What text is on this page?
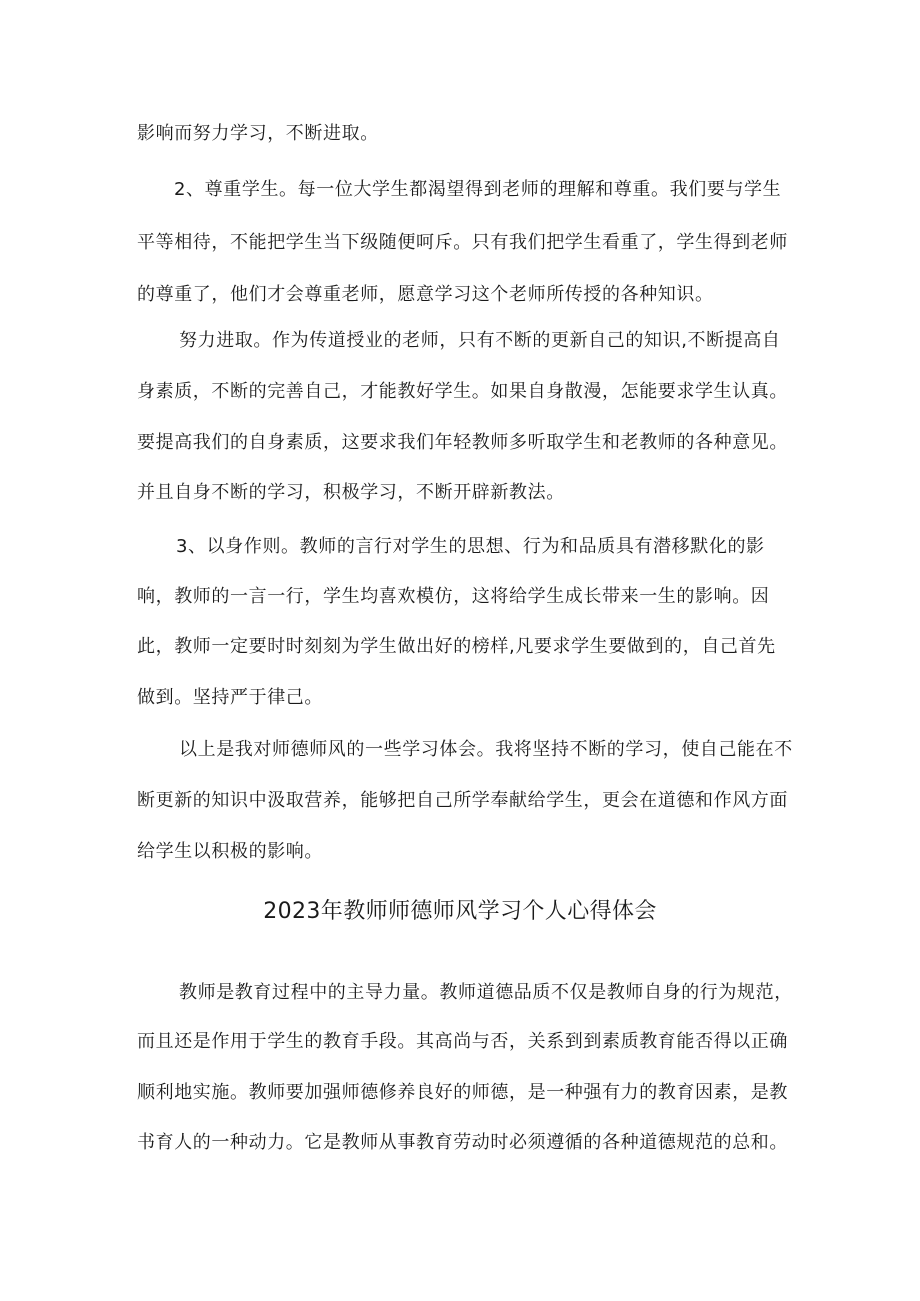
影响而努力学习，不断进取。
2、尊重学生。每一位大学生都渴望得到老师的理解和尊重。我们要与学生
平等相待，不能把学生当下级随便呵斥。只有我们把学生看重了，学生得到老师
的尊重了，他们才会尊重老师，愿意学习这个老师所传授的各种知识。
努力进取。作为传道授业的老师，只有不断的更新自己的知识,不断提高自
身素质，不断的完善自己，才能教好学生。如果自身散漫，怎能要求学生认真。
要提高我们的自身素质，这要求我们年轻教师多听取学生和老教师的各种意见。
并且自身不断的学习，积极学习，不断开辟新教法。
3、以身作则。教师的言行对学生的思想、行为和品质具有潜移默化的影
响，教师的一言一行，学生均喜欢模仿，这将给学生成长带来一生的影响。因
此，教师一定要时时刻刻为学生做出好的榜样,凡要求学生要做到的，自己首先
做到。坚持严于律己。
以上是我对师德师风的一些学习体会。我将坚持不断的学习，使自己能在不
断更新的知识中汲取营养，能够把自己所学奉献给学生，更会在道德和作风方面
给学生以积极的影响。
2023年教师师德师风学习个人心得体会
教师是教育过程中的主导力量。教师道德品质不仅是教师自身的行为规范，
而且还是作用于学生的教育手段。其高尚与否，关系到到素质教育能否得以正确
顺利地实施。教师要加强师德修养良好的师德，是一种强有力的教育因素，是教
书育人的一种动力。它是教师从事教育劳动时必须遵循的各种道德规范的总和。
